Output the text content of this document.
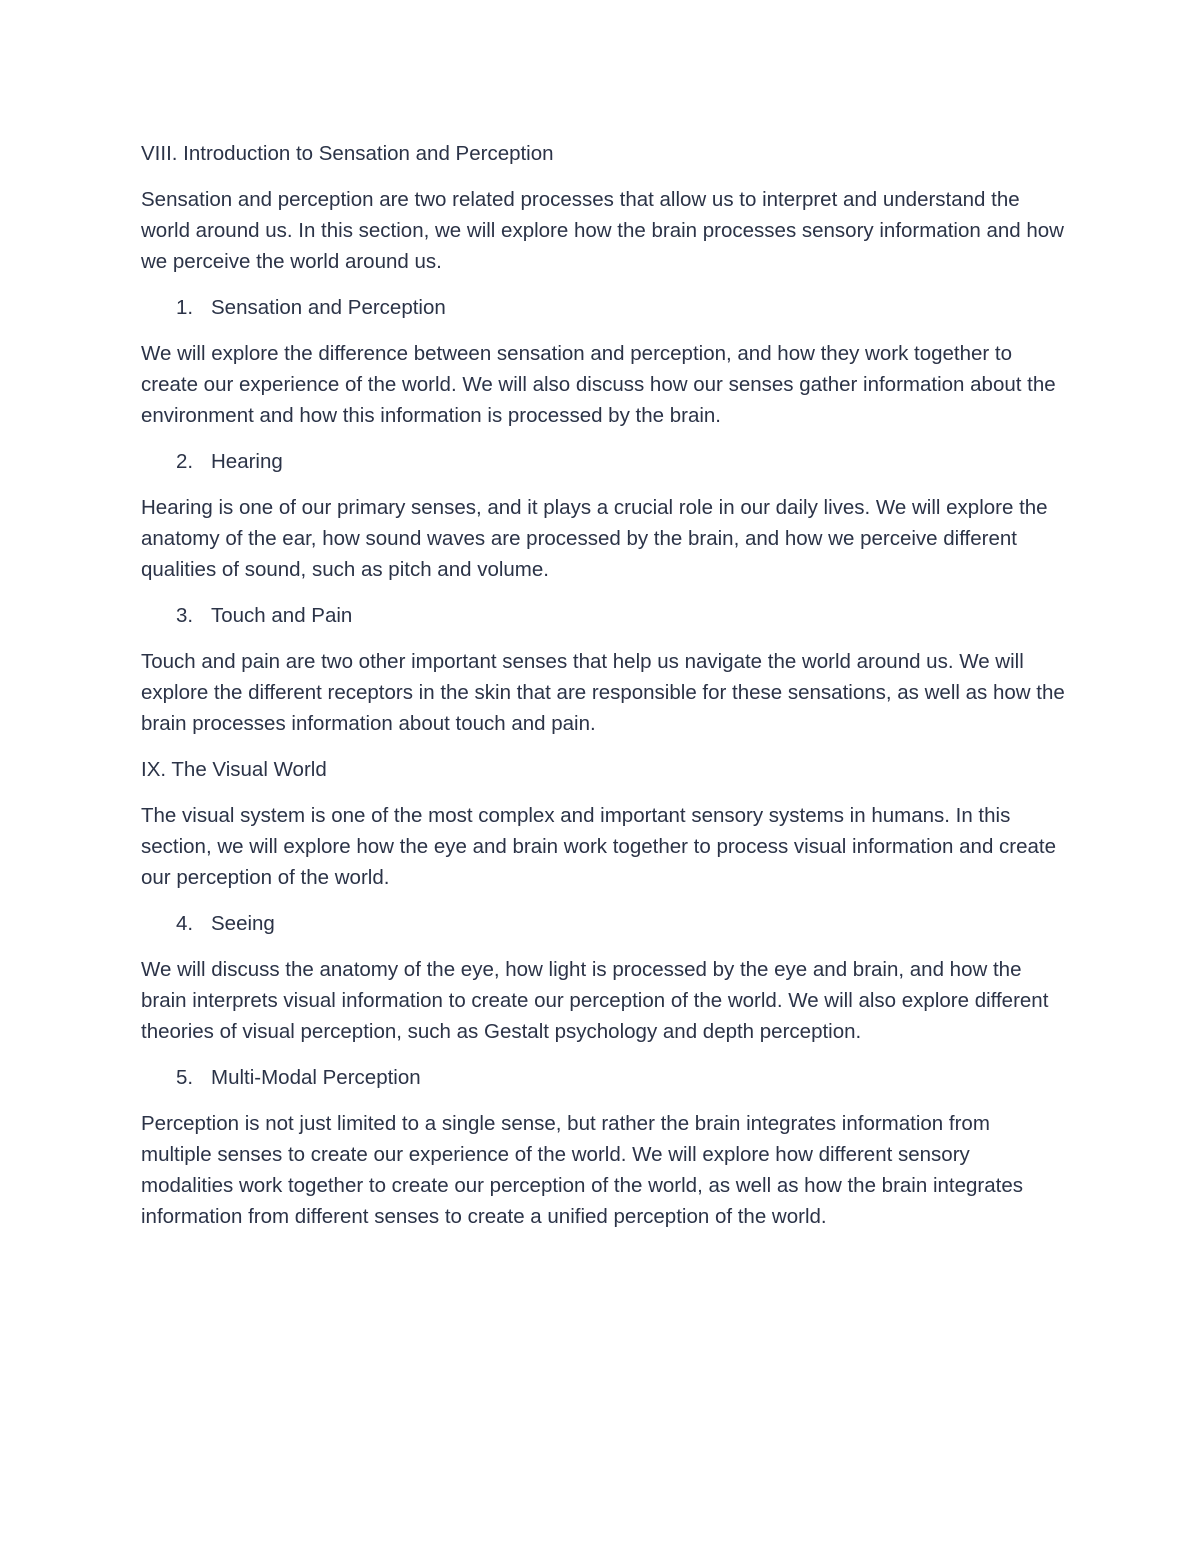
VIII. Introduction to Sensation and Perception

Sensation and perception are two related processes that allow us to interpret and understand the world around us. In this section, we will explore how the brain processes sensory information and how we perceive the world around us.

1. Sensation and Perception

We will explore the difference between sensation and perception, and how they work together to create our experience of the world. We will also discuss how our senses gather information about the environment and how this information is processed by the brain.

2. Hearing

Hearing is one of our primary senses, and it plays a crucial role in our daily lives. We will explore the anatomy of the ear, how sound waves are processed by the brain, and how we perceive different qualities of sound, such as pitch and volume.

3. Touch and Pain

Touch and pain are two other important senses that help us navigate the world around us. We will explore the different receptors in the skin that are responsible for these sensations, as well as how the brain processes information about touch and pain.

IX. The Visual World

The visual system is one of the most complex and important sensory systems in humans. In this section, we will explore how the eye and brain work together to process visual information and create our perception of the world.

4. Seeing

We will discuss the anatomy of the eye, how light is processed by the eye and brain, and how the brain interprets visual information to create our perception of the world. We will also explore different theories of visual perception, such as Gestalt psychology and depth perception.

5. Multi-Modal Perception

Perception is not just limited to a single sense, but rather the brain integrates information from multiple senses to create our experience of the world. We will explore how different sensory modalities work together to create our perception of the world, as well as how the brain integrates information from different senses to create a unified perception of the world.
